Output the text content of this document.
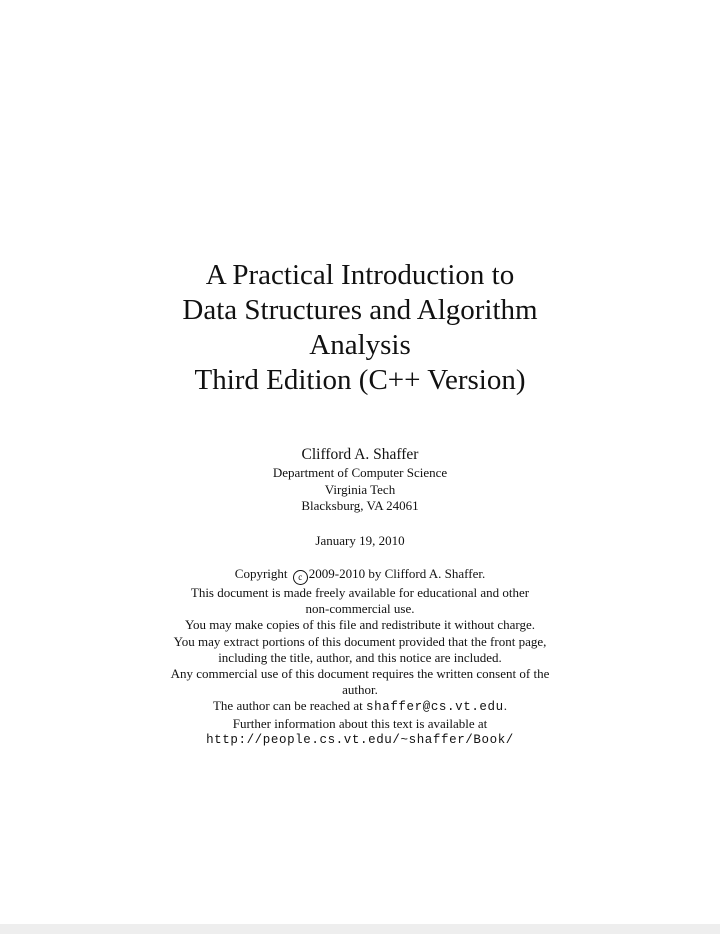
A Practical Introduction to
Data Structures and Algorithm
Analysis
Third Edition (C++ Version)
Clifford A. Shaffer
Department of Computer Science
Virginia Tech
Blacksburg, VA 24061
January 19, 2010
Copyright c 2009-2010 by Clifford A. Shaffer.
This document is made freely available for educational and other
non-commercial use.
You may make copies of this file and redistribute it without charge.
You may extract portions of this document provided that the front page,
including the title, author, and this notice are included.
Any commercial use of this document requires the written consent of the
author.
The author can be reached at shaffer@cs.vt.edu.
Further information about this text is available at
http://people.cs.vt.edu/~shaffer/Book/
